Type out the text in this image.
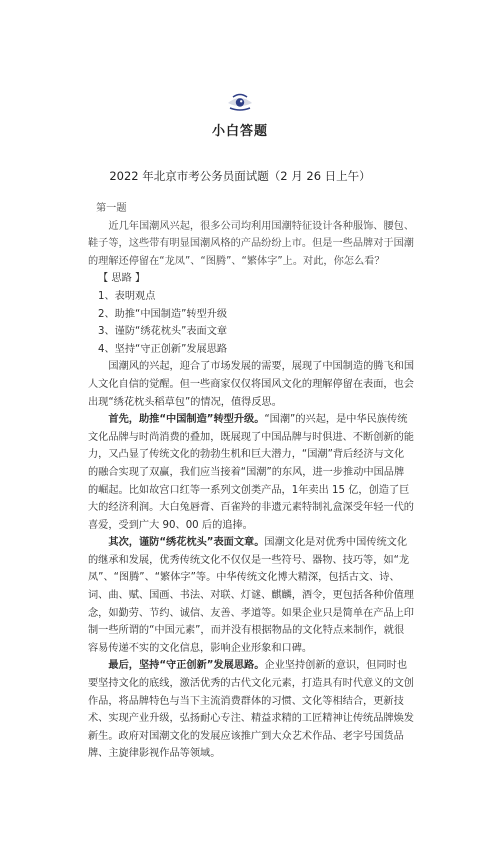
小白答题
2022 年北京市考公务员面试题（2 月 26 日上午）

第一题

近几年国潮风兴起，很多公司均利用国潮特征设计各种服饰、腰包、鞋子等，这些带有明显国潮风格的产品纷纷上市。但是一些品牌对于国潮的理解还停留在“龙凤”、“图腾”、“繁体字”上。对此，你怎么看？

【 思路 】

1、表明观点

2、助推“中国制造”转型升级

3、谨防“绣花枕头”表面文章

4、坚持“守正创新”发展思路

国潮风的兴起，迎合了市场发展的需要，展现了中国制造的腾飞和国人文化自信的觉醒。但一些商家仅仅将国风文化的理解停留在表面，也会出现“绣花枕头稻草包”的情况，值得反思。

首先，助推“中国制造”转型升级。“国潮”的兴起，是中华民族传统文化品牌与时尚消费的叠加，既展现了中国品牌与时俱进、不断创新的能力，又凸显了传统文化的勃勃生机和巨大潜力，“国潮”背后经济与文化的融合实现了双赢，我们应当接着“国潮”的东风，进一步推动中国品牌的崛起。比如故宫口红等一系列文创类产品，1年卖出 15 亿，创造了巨大的经济利润。大白兔唇膏、百雀羚的非遗元素特制礼盒深受年轻一代的喜爱，受到广大 90、00 后的追捧。

其次，谨防“绣花枕头”表面文章。国潮文化是对优秀中国传统文化的继承和发展，优秀传统文化不仅仅是一些符号、器物、技巧等，如“龙凤”、“图腾”、“繁体字”等。中华传统文化博大精深，包括古文、诗、词、曲、赋、国画、书法、对联、灯谜、麒麟，酒令，更包括各种价值理念，如勤劳、节约、诚信、友善、孝道等。如果企业只是简单在产品上印制一些所谓的“中国元素”，而并没有根据物品的文化特点来制作，就很容易传递不实的文化信息，影响企业形象和口碑。

最后，坚持“守正创新”发展思路。企业坚持创新的意识，但同时也要坚持文化的底线，激活优秀的古代文化元素，打造具有时代意义的文创作品，将品牌特色与当下主流消费群体的习惯、文化等相结合，更新技术、实现产业升级，弘扬耐心专注、精益求精的工匠精神让传统品牌焕发新生。政府对国潮文化的发展应该推广到大众艺术作品、老字号国货品牌、主旋律影视作品等领域。
